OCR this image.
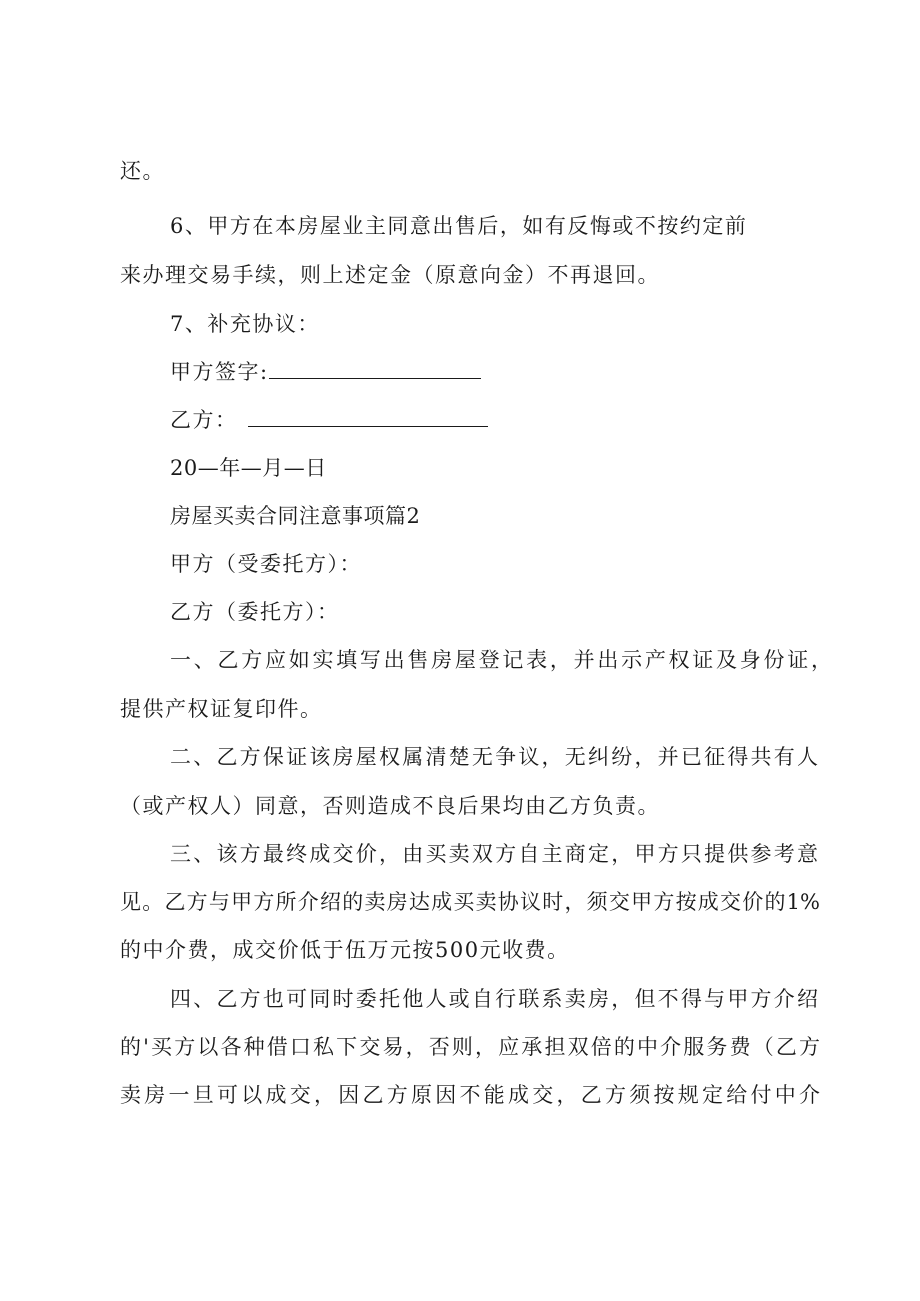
还。
6、甲方在本房屋业主同意出售后，如有反悔或不按约定前
来办理交易手续，则上述定金（原意向金）不再退回。
7、补充协议：
甲方签字:
乙方：
20—年—月—日
房屋买卖合同注意事项篇2
甲方（受委托方）：
乙方（委托方）：
一、乙方应如实填写出售房屋登记表，并出示产权证及身份证，
提供产权证复印件。
二、乙方保证该房屋权属清楚无争议，无纠纷，并已征得共有人
（或产权人）同意，否则造成不良后果均由乙方负责。
三、该方最终成交价，由买卖双方自主商定，甲方只提供参考意
见。乙方与甲方所介绍的卖房达成买卖协议时，须交甲方按成交价的1%
的中介费，成交价低于伍万元按500元收费。
四、乙方也可同时委托他人或自行联系卖房，但不得与甲方介绍
的'买方以各种借口私下交易，否则，应承担双倍的中介服务费（乙方
卖房一旦可以成交，因乙方原因不能成交，乙方须按规定给付中介
